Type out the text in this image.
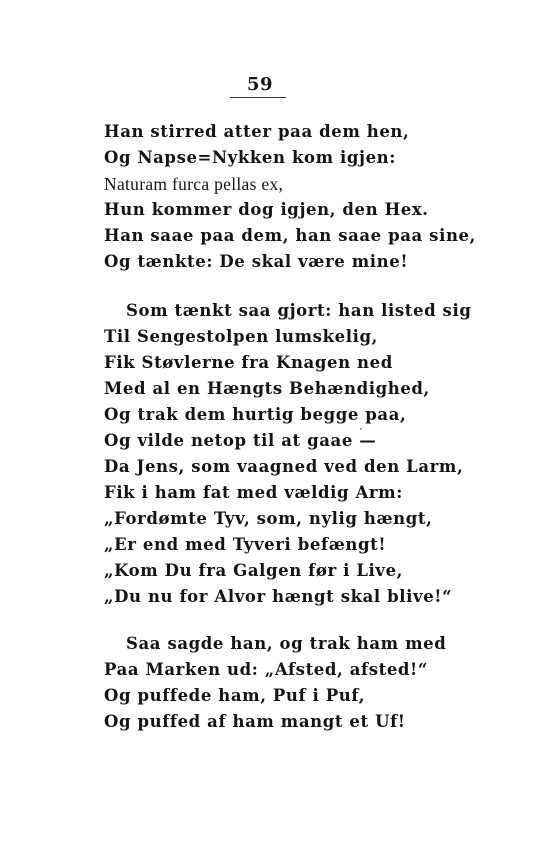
59
Han stirred atter paa dem hen,
Og Napse=Nykken kom igjen:
Naturam furca pellas ex,
Hun kommer dog igjen, den Hex.
Han saae paa dem, han saae paa sine,
Og tænkte: De skal være mine!
Som tænkt saa gjort: han listed sig
Til Sengestolpen lumskelig,
Fik Støvlerne fra Knagen ned
Med al en Hængts Behændighed,
Og trak dem hurtig begge paa,
Og vilde netop til at gaae —
Da Jens, som vaagned ved den Larm,
Fik i ham fat med vældig Arm:
„Fordømte Tyv, som, nylig hængt,
„Er end med Tyveri befængt!
„Kom Du fra Galgen før i Live,
„Du nu for Alvor hængt skal blive!“
Saa sagde han, og trak ham med
Paa Marken ud: „Afsted, afsted!“
Og puffede ham, Puf i Puf,
Og puffed af ham mangt et Uf!
